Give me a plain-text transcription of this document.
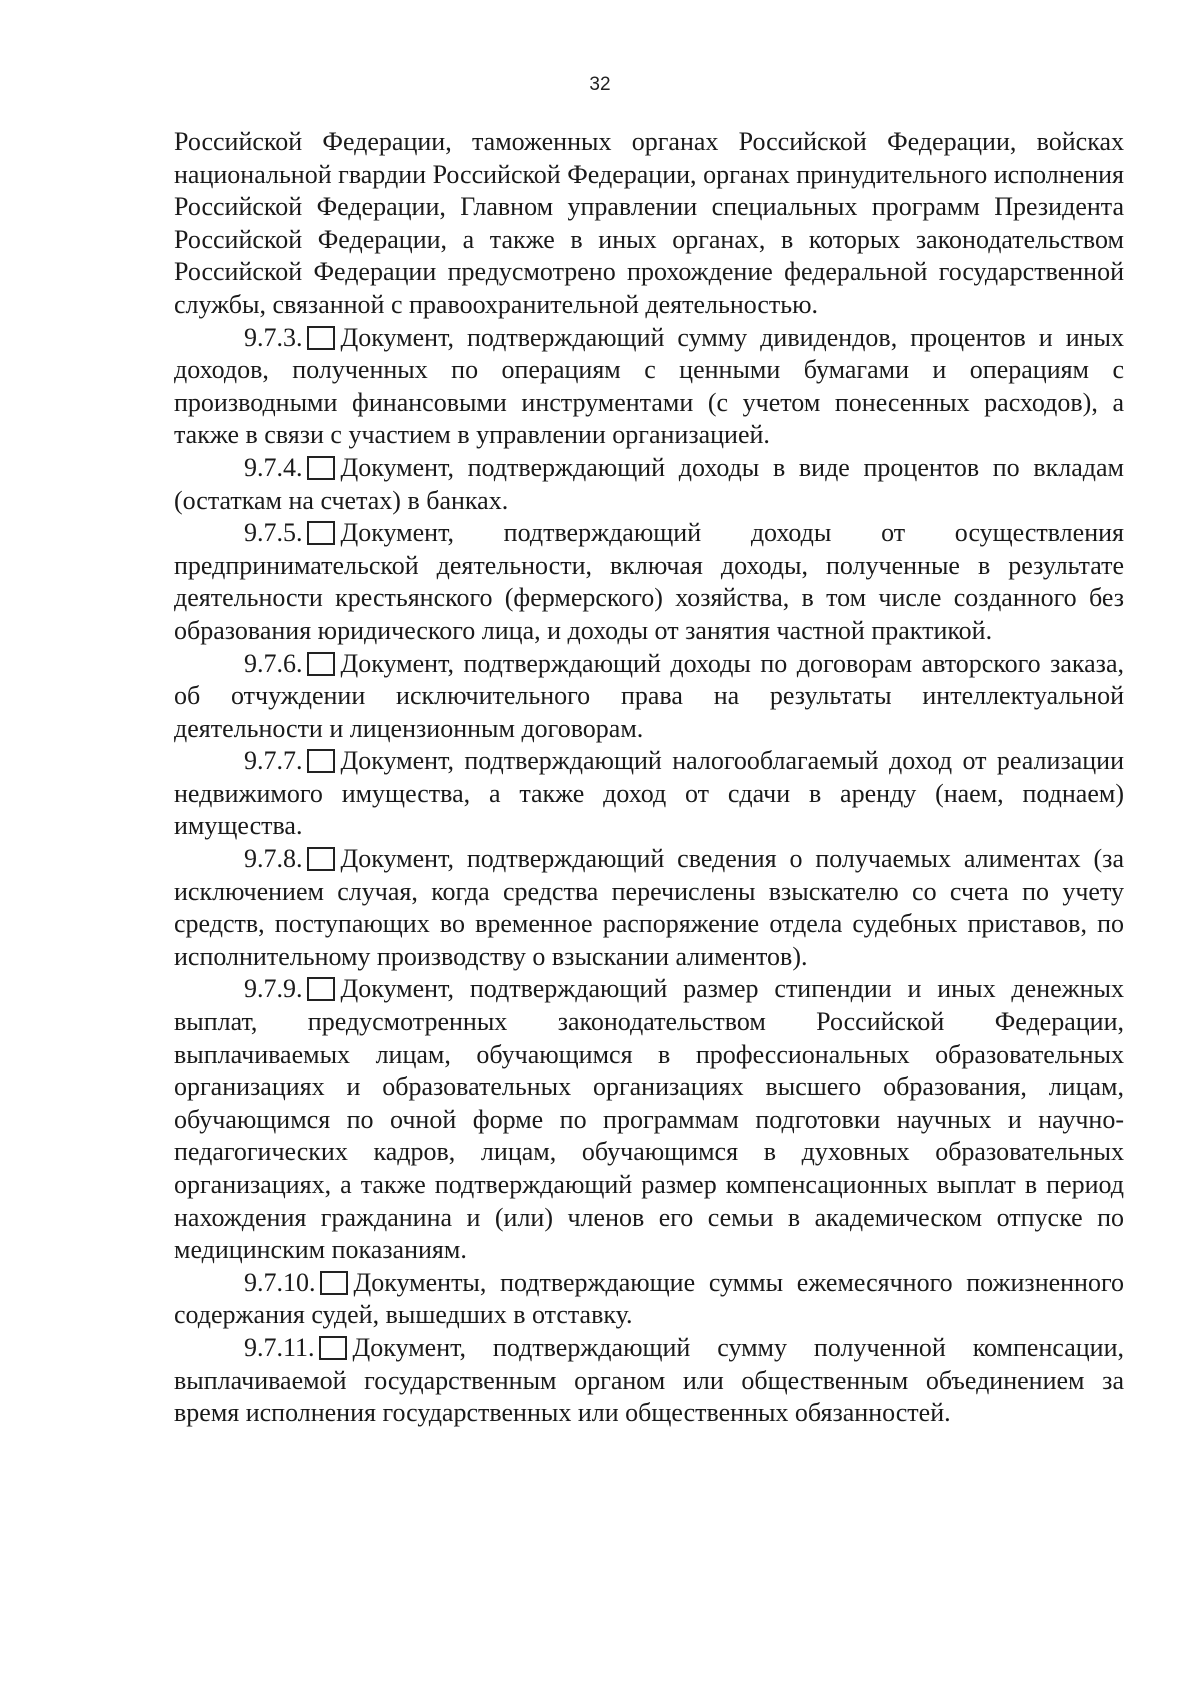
32

Российской Федерации, таможенных органах Российской Федерации, войсках национальной гвардии Российской Федерации, органах принудительного исполнения Российской Федерации, Главном управлении специальных программ Президента Российской Федерации, а также в иных органах, в которых законодательством Российской Федерации предусмотрено прохождение федеральной государственной службы, связанной с правоохранительной деятельностью.

9.7.3. Документ, подтверждающий сумму дивидендов, процентов и иных доходов, полученных по операциям с ценными бумагами и операциям с производными финансовыми инструментами (с учетом понесенных расходов), а также в связи с участием в управлении организацией.

9.7.4. Документ, подтверждающий доходы в виде процентов по вкладам (остаткам на счетах) в банках.

9.7.5. Документ, подтверждающий доходы от осуществления предпринимательской деятельности, включая доходы, полученные в результате деятельности крестьянского (фермерского) хозяйства, в том числе созданного без образования юридического лица, и доходы от занятия частной практикой.

9.7.6. Документ, подтверждающий доходы по договорам авторского заказа, об отчуждении исключительного права на результаты интеллектуальной деятельности и лицензионным договорам.

9.7.7. Документ, подтверждающий налогооблагаемый доход от реализации недвижимого имущества, а также доход от сдачи в аренду (наем, поднаем) имущества.

9.7.8. Документ, подтверждающий сведения о получаемых алиментах (за исключением случая, когда средства перечислены взыскателю со счета по учету средств, поступающих во временное распоряжение отдела судебных приставов, по исполнительному производству о взыскании алиментов).

9.7.9. Документ, подтверждающий размер стипендии и иных денежных выплат, предусмотренных законодательством Российской Федерации, выплачиваемых лицам, обучающимся в профессиональных образовательных организациях и образовательных организациях высшего образования, лицам, обучающимся по очной форме по программам подготовки научных и научно-педагогических кадров, лицам, обучающимся в духовных образовательных организациях, а также подтверждающий размер компенсационных выплат в период нахождения гражданина и (или) членов его семьи в академическом отпуске по медицинским показаниям.

9.7.10. Документы, подтверждающие суммы ежемесячного пожизненного содержания судей, вышедших в отставку.

9.7.11. Документ, подтверждающий сумму полученной компенсации, выплачиваемой государственным органом или общественным объединением за время исполнения государственных или общественных обязанностей.
